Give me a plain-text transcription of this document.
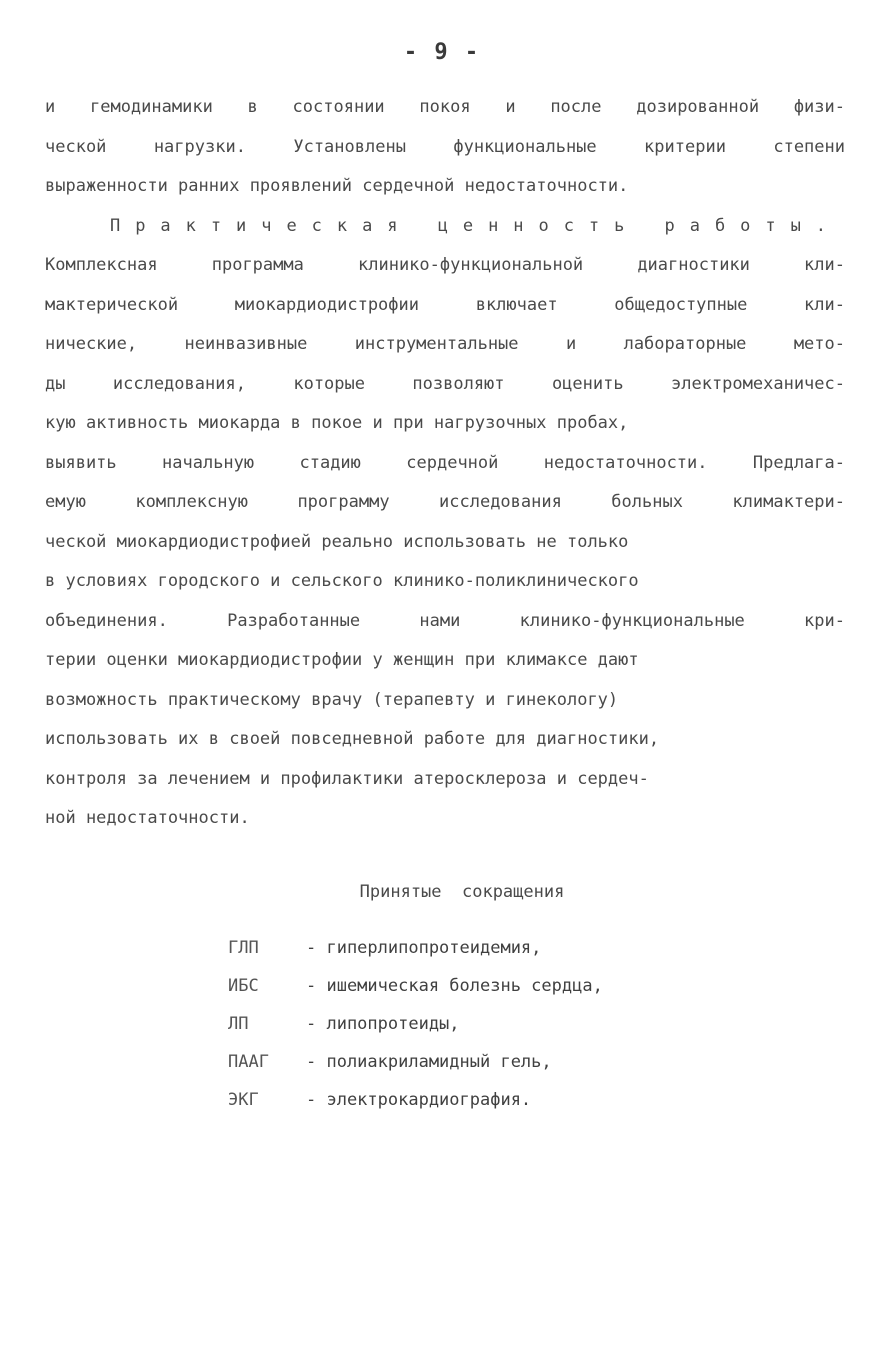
- 9 -
и гемодинамики в состоянии покоя и после дозированной физи-
ческой нагрузки. Установлены функциональные критерии степени
выраженности ранних проявлений сердечной недостаточности.
Практическая ценность работы.
Комплексная программа клинико-функциональной диагностики кли-
мактерической миокардиодистрофии включает общедоступные кли-
нические, неинвазивные инструментальные и лабораторные мето-
ды исследования, которые позволяют оценить электромеханичес-
кую активность миокарда в покое и при нагрузочных пробах,
выявить начальную стадию сердечной недостаточности. Предлага-
емую комплексную программу исследования больных климактери-
ческой миокардиодистрофией реально использовать не только
в условиях городского и сельского клинико-поликлинического
объединения. Разработанные нами клинико-функциональные кри-
терии оценки миокардиодистрофии у женщин при климаксе дают
возможность практическому врачу (терапевту и гинекологу)
использовать их в своей повседневной работе для диагностики,
контроля за лечением и профилактики атеросклероза и сердеч-
ной недостаточности.
Принятые  сокращения
ГЛП	- гиперлипопротеидемия,
ИБС	- ишемическая болезнь сердца,
ЛП	- липопротеиды,
ПААГ	- полиакриламидный гель,
ЭКГ	- электрокардиография.
